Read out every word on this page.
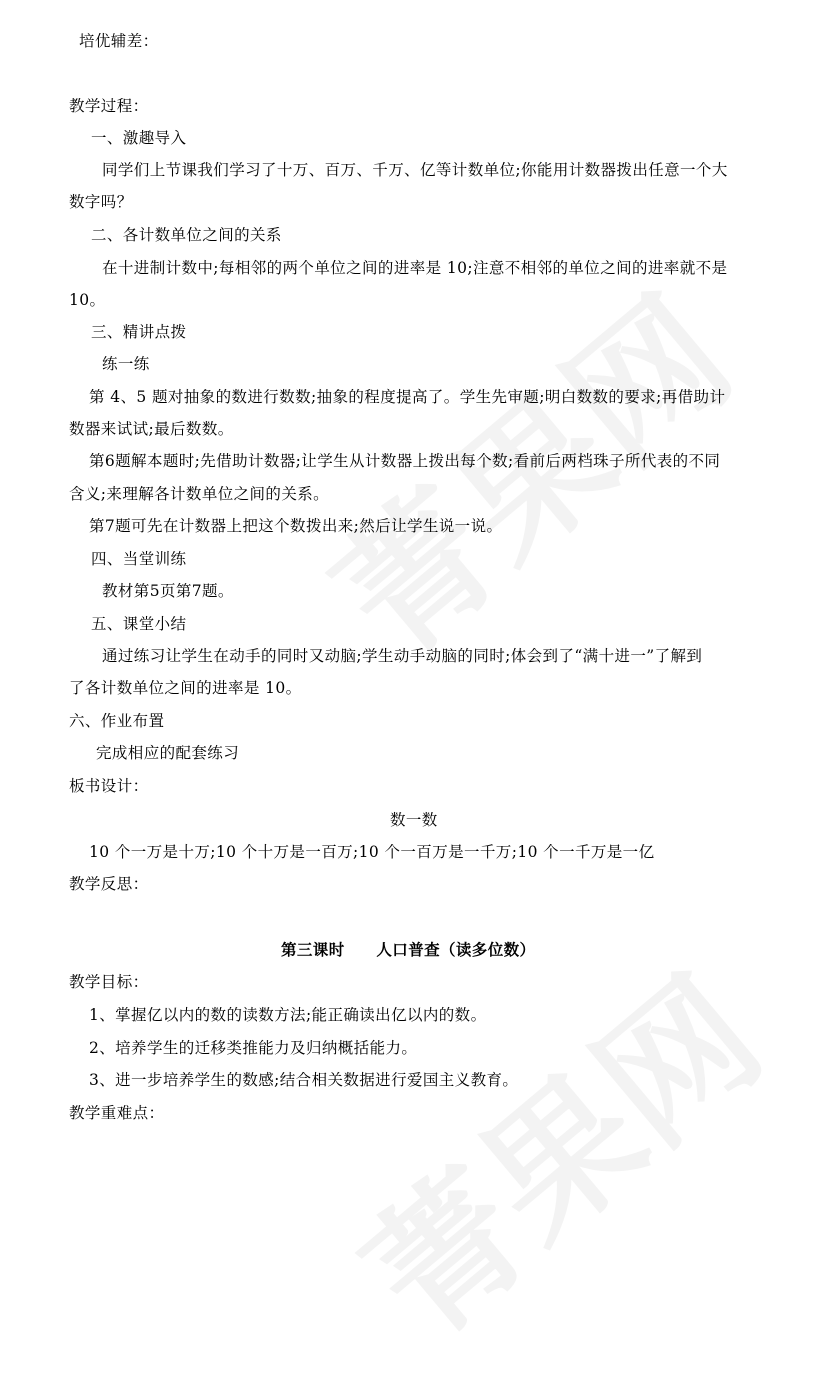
培优辅差：
教学过程：
一、激趣导入
同学们上节课我们学习了十万、百万、千万、亿等计数单位;你能用计数器拨出任意一个大
数字吗？
二、各计数单位之间的关系
在十进制计数中;每相邻的两个单位之间的进率是 10;注意不相邻的单位之间的进率就不是
10。
三、精讲点拨
练一练
第 4、5 题对抽象的数进行数数;抽象的程度提高了。学生先审题;明白数数的要求;再借助计
数器来试试;最后数数。
第6题解本题时;先借助计数器;让学生从计数器上拨出每个数;看前后两档珠子所代表的不同
含义;来理解各计数单位之间的关系。
第7题可先在计数器上把这个数拨出来;然后让学生说一说。
四、当堂训练
教材第5页第7题。
五、课堂小结
通过练习让学生在动手的同时又动脑;学生动手动脑的同时;体会到了“满十进一”了解到
了各计数单位之间的进率是 10。
六、作业布置
完成相应的配套练习
板书设计：
数一数
10 个一万是十万;10 个十万是一百万;10 个一百万是一千万;10 个一千万是一亿
教学反思：
第三课时　　人口普查（读多位数）
教学目标：
1、掌握亿以内的数的读数方法;能正确读出亿以内的数。
2、培养学生的迁移类推能力及归纳概括能力。
3、进一步培养学生的数感;结合相关数据进行爱国主义教育。
教学重难点：
